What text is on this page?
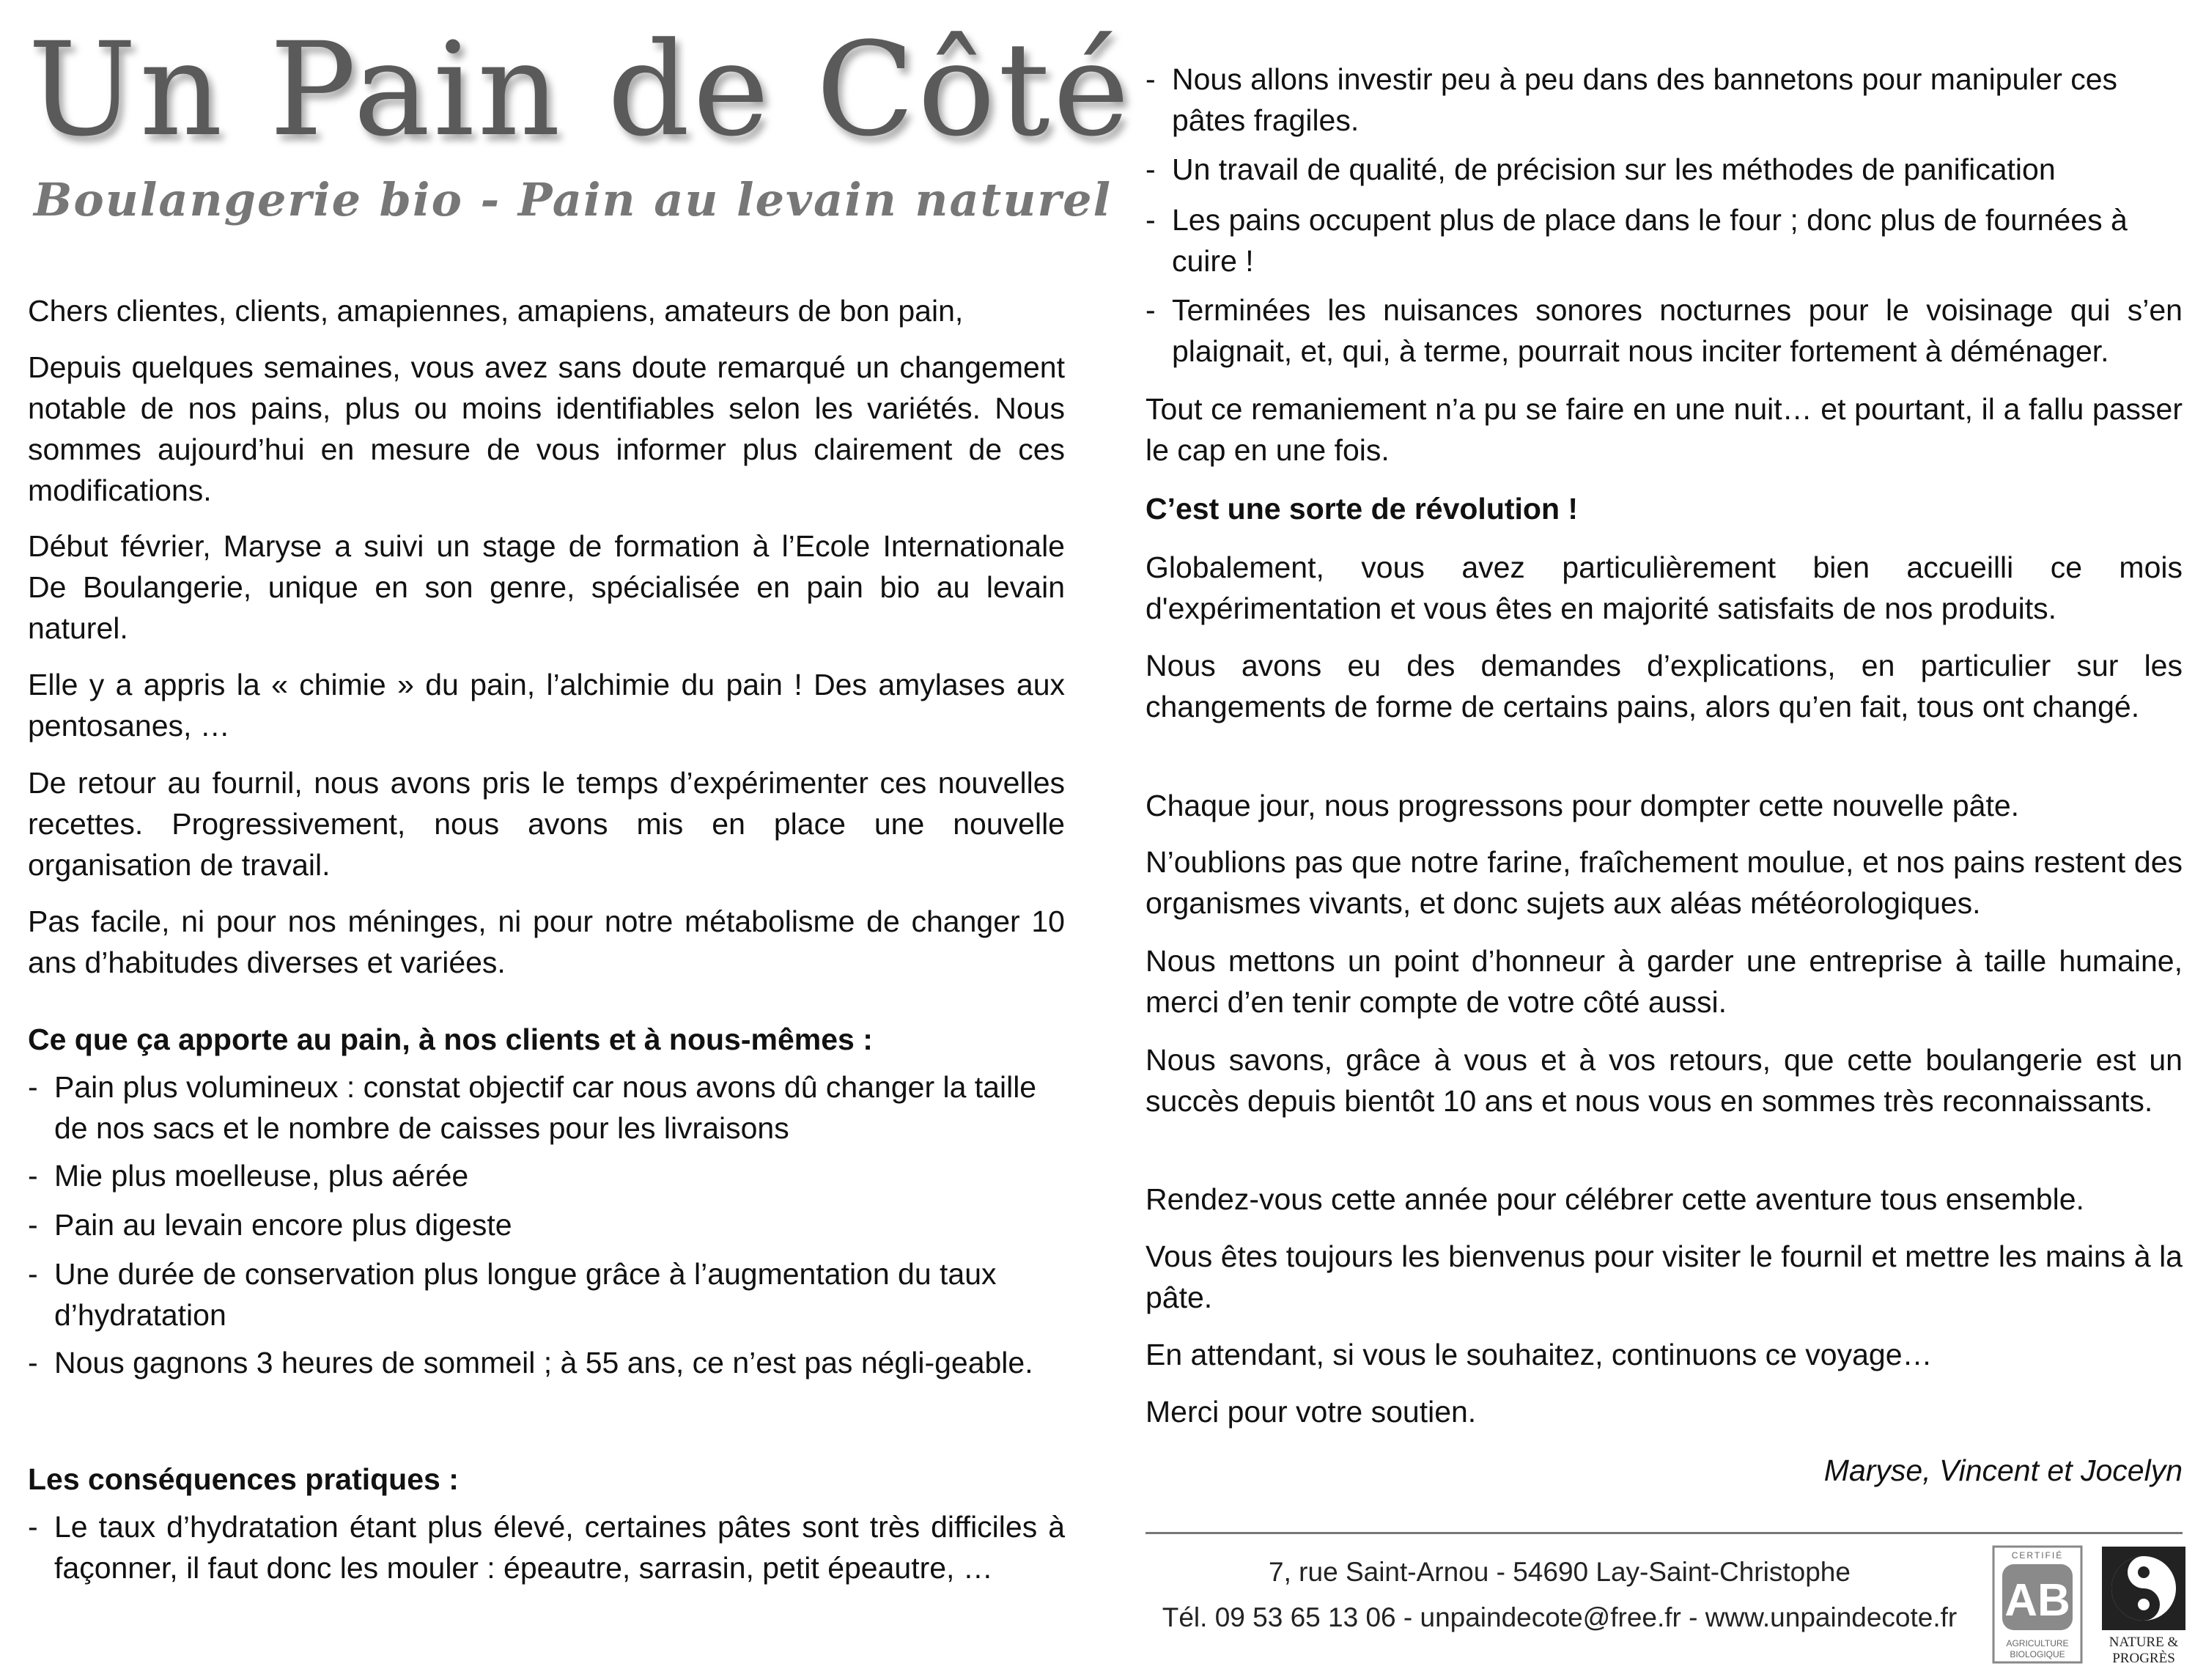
Un Pain de Côté
Boulangerie bio - Pain au levain naturel

Chers clientes, clients, amapiennes, amapiens, amateurs de bon pain,

Depuis quelques semaines, vous avez sans doute remarqué un changement notable de nos pains, plus ou moins identifiables selon les variétés. Nous sommes aujourd’hui en mesure de vous informer plus clairement de ces modifications.

Début février, Maryse a suivi un stage de formation à l’Ecole Internationale De Boulangerie, unique en son genre, spécialisée en pain bio au levain naturel.

Elle y a appris la « chimie » du pain, l’alchimie du pain ! Des amylases aux pentosanes, …

De retour au fournil, nous avons pris le temps d’expérimenter ces nouvelles recettes. Progressivement, nous avons mis en place une nouvelle organisation de travail.

Pas facile, ni pour nos méninges, ni pour notre métabolisme de changer 10 ans d’habitudes diverses et variées.

Ce que ça apporte au pain, à nos clients et à nous-mêmes :

- Pain plus volumineux : constat objectif car nous avons dû changer la taille de nos sacs et le nombre de caisses pour les livraisons
- Mie plus moelleuse, plus aérée
- Pain au levain encore plus digeste
- Une durée de conservation plus longue grâce à l’augmentation du taux d’hydratation
- Nous gagnons 3 heures de sommeil ; à 55 ans, ce n’est pas négli-geable.

Les conséquences pratiques :

- Le taux d’hydratation étant plus élevé, certaines pâtes sont très difficiles à façonner, il faut donc les mouler : épeautre, sarrasin, petit épeautre, …
- Nous allons investir peu à peu dans des bannetons pour manipuler ces pâtes fragiles.
- Un travail de qualité, de précision sur les méthodes de panification
- Les pains occupent plus de place dans le four ; donc plus de fournées à cuire !
- Terminées les nuisances sonores nocturnes pour le voisinage qui s’en plaignait, et, qui, à terme, pourrait nous inciter fortement à déménager.

Tout ce remaniement n’a pu se faire en une nuit… et pourtant, il a fallu passer le cap en une fois.

C’est une sorte de révolution !

Globalement, vous avez particulièrement bien accueilli ce mois d'expérimentation et vous êtes en majorité satisfaits de nos produits.

Nous avons eu des demandes d’explications, en particulier sur les changements de forme de certains pains, alors qu’en fait, tous ont changé.

Chaque jour, nous progressons pour dompter cette nouvelle pâte.

N’oublions pas que notre farine, fraîchement moulue, et nos pains restent des organismes vivants, et donc sujets aux aléas météorologiques.

Nous mettons un point d’honneur à garder une entreprise à taille humaine, merci d’en tenir compte de votre côté aussi.

Nous savons, grâce à vous et à vos retours, que cette boulangerie est un succès depuis bientôt 10 ans et nous vous en sommes très reconnaissants.

Rendez-vous cette année pour célébrer cette aventure tous ensemble.

Vous êtes toujours les bienvenus pour visiter le fournil et mettre les mains à la pâte.

En attendant, si vous le souhaitez, continuons ce voyage…

Merci pour votre soutien.

Maryse, Vincent et Jocelyn

7, rue Saint-Arnou - 54690 Lay-Saint-Christophe
Tél. 09 53 65 13 06 - unpaindecote@free.fr - www.unpaindecote.fr
CERTIFIÉ
AB
AGRICULTURE
BIOLOGIQUE
NATURE &
PROGRÈS
